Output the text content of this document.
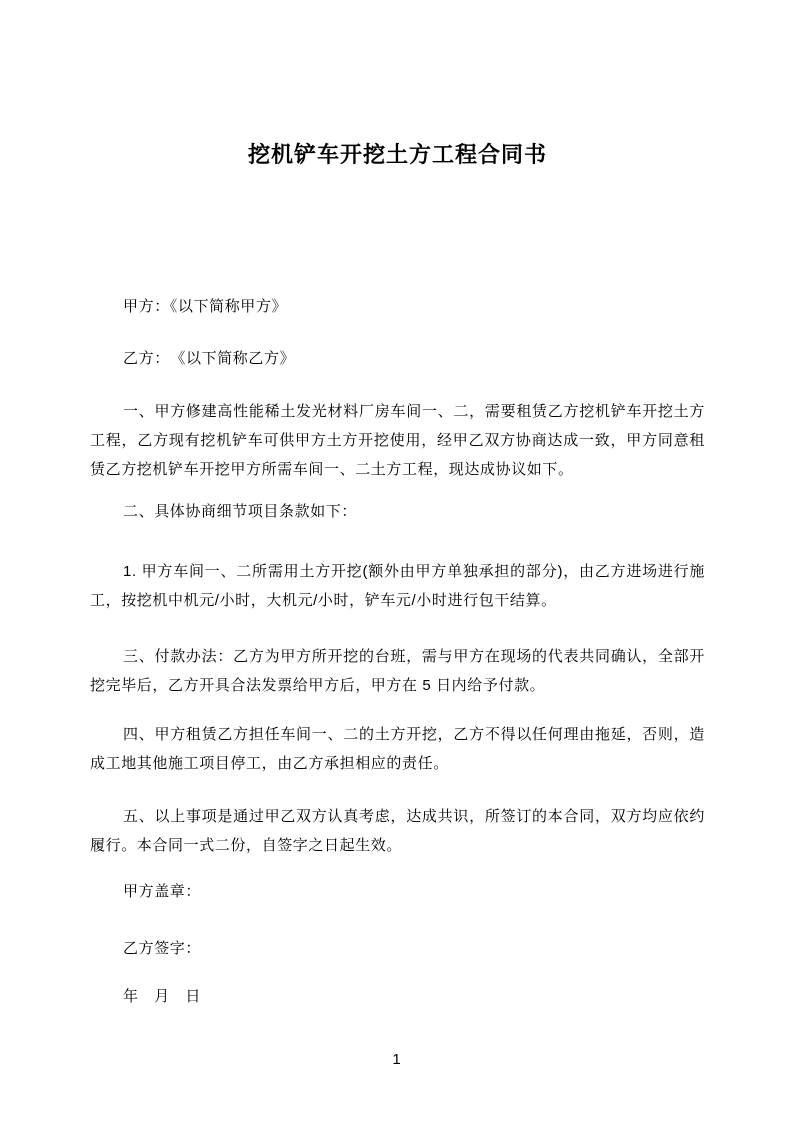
挖机铲车开挖土方工程合同书

甲方：《以下简称甲方》

乙方：　《以下简称乙方》

一、甲方修建高性能稀土发光材料厂房车间一、二，需要租赁乙方挖机铲车开挖土方工程，乙方现有挖机铲车可供甲方土方开挖使用，经甲乙双方协商达成一致，甲方同意租赁乙方挖机铲车开挖甲方所需车间一、二土方工程，现达成协议如下。

二、具体协商细节项目条款如下：

1. 甲方车间一、二所需用土方开挖(额外由甲方单独承担的部分)，由乙方进场进行施工，按挖机中机元/小时，大机元/小时，铲车元/小时进行包干结算。

三、付款办法：乙方为甲方所开挖的台班，需与甲方在现场的代表共同确认，全部开挖完毕后，乙方开具合法发票给甲方后，甲方在 5 日内给予付款。

四、甲方租赁乙方担任车间一、二的土方开挖，乙方不得以任何理由拖延，否则，造成工地其他施工项目停工，由乙方承担相应的责任。

五、以上事项是通过甲乙双方认真考虑，达成共识，所签订的本合同，双方均应依约履行。本合同一式二份，自签字之日起生效。

甲方盖章：

乙方签字：

年　月　日

1
